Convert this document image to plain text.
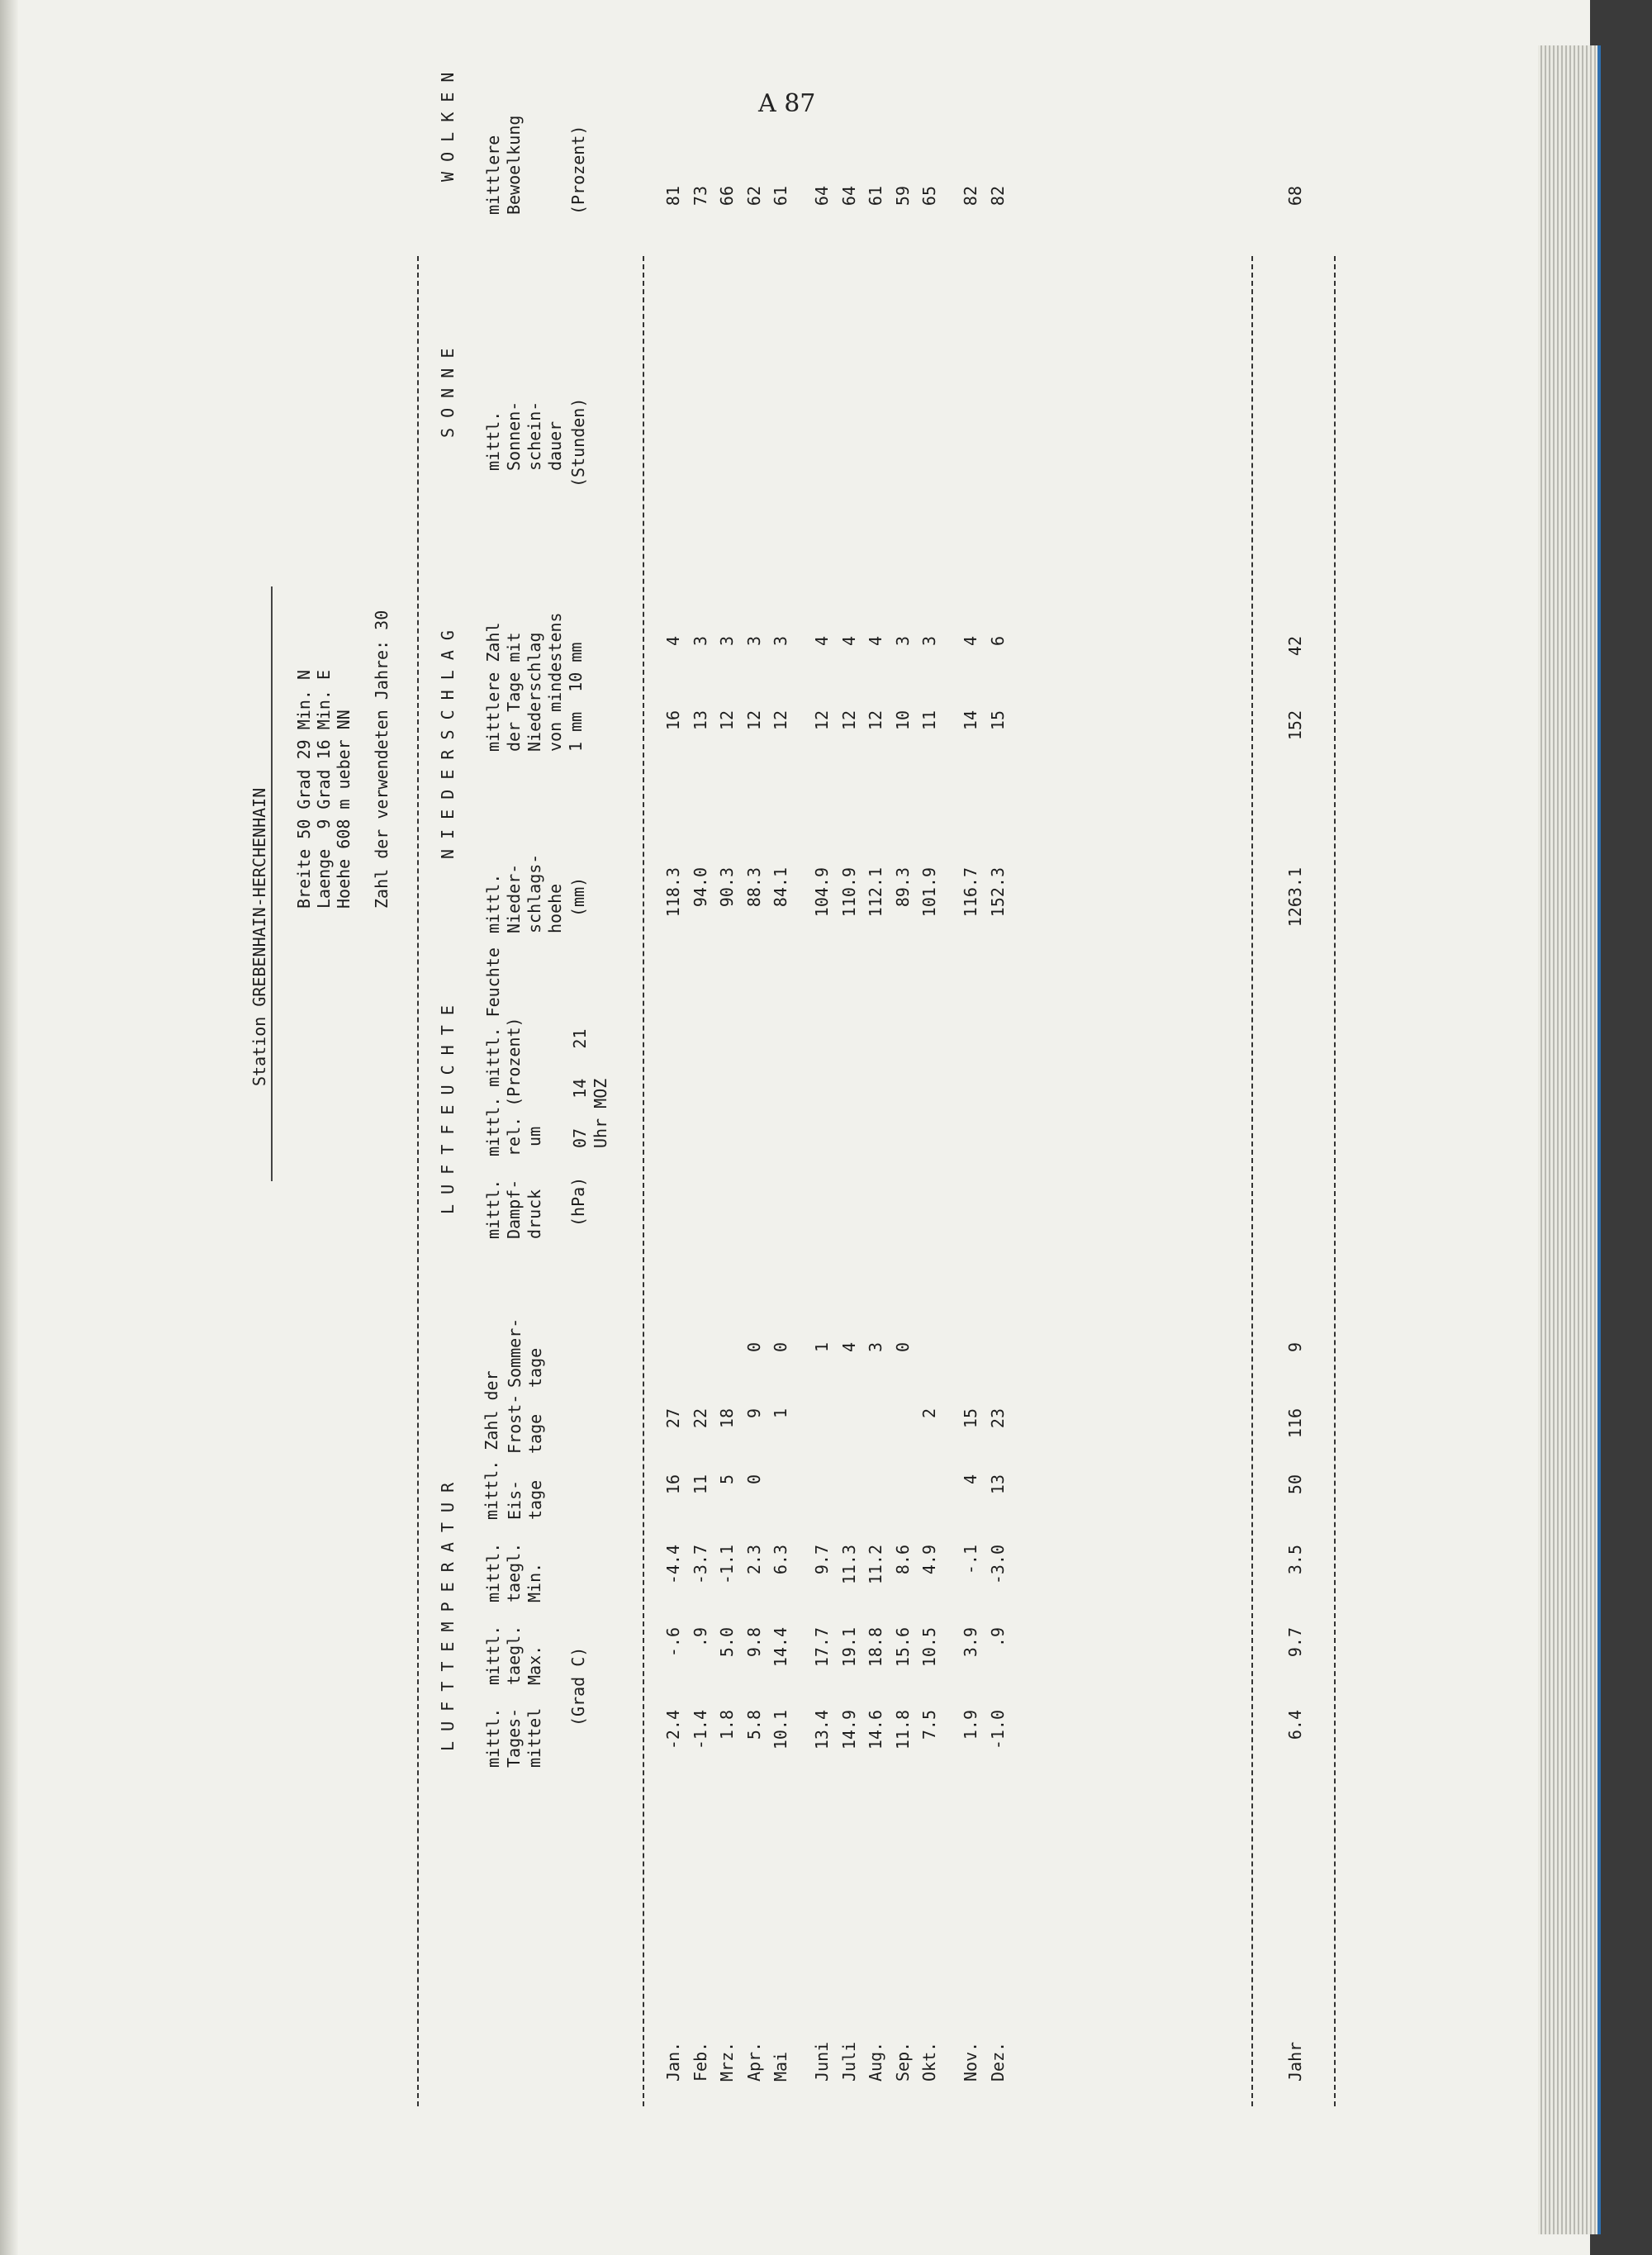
A 87
Station GREBENHAIN-HERCHENHAIN Breite 50 Grad 29 Min. N Laenge  9 Grad 16 Min. E Hoehe 608 m ueber NN Zahl der verwendeten Jahre: 30
L U F T T E M P E R A T U R
L U F T F E U C H T E
N I E D E R S C H L A G
S O N N E
W O L K E N
mittl.
Tages-
mittel
mittl.
taegl.
Max.
mittl.
taegl.
Min.
(Grad C)
mittl. Zahl der Eis-
tage
Frost-
tage
Sommer-
tage
mittl.
Dampf-
druck (hPa)
mittl. mittl. Feuchte
rel. (Prozent)
um 07   14   21
Uhr MOZ
mittl.
Nieder-
schlags-
hoehe (mm)
mittlere Zahl
der Tage mit
Niederschlag
von mindestens
1 mm  10 mm
mittl.
Sonnen-
schein-
dauer (Stunden)
mittlere
Bewoelkung	(Prozent)
Jan.
-2.4
-.6
-4.4
16
27
118.3
16
4
81
Feb.
-1.4
.9
-3.7
11
22
94.0
13
3
73
Mrz.
1.8
5.0
-1.1
5
18
90.3
12
3
66
Apr.
5.8
9.8
2.3
0
9
0
88.3
12
3
62
Mai
10.1
14.4
6.3
1
0
84.1
12
3
61
Juni
13.4
17.7
9.7
1
104.9
12
4
64
Juli
14.9
19.1
11.3
4
110.9
12
4
64
Aug.
14.6
18.8
11.2
3
112.1
12
4
61
Sep.
11.8
15.6
8.6
0
89.3
10
3
59
Okt.
7.5
10.5
4.9
2
101.9
11
3
65
Nov.
1.9
3.9
-.1
4
15
116.7
14
4
82
Dez.
-1.0
.9
-3.0
13
23
152.3
15
6
82
Jahr
6.4
9.7
3.5
50
116
9
1263.1
152
42
68
